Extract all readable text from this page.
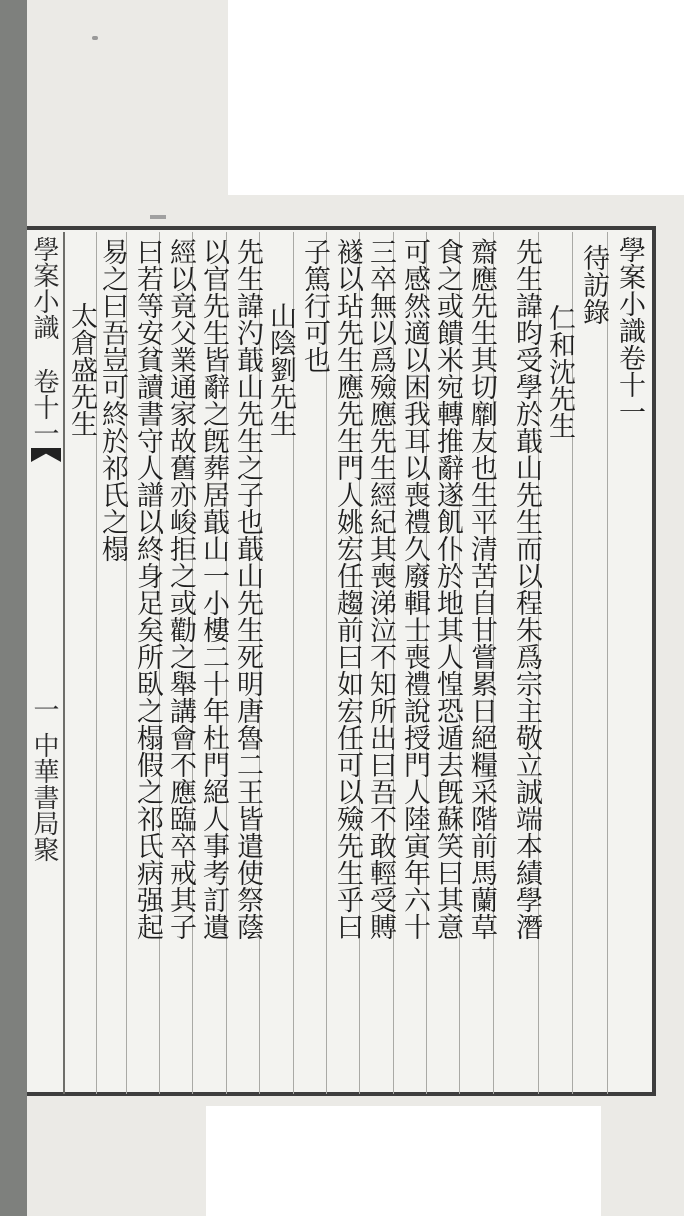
學案小識卷十一一中華書局聚
學案小識卷十一
待訪錄
仁和沈先生
先生諱昀受學於蕺山先生而以程朱爲宗主敬立誠端本績學潛
齋應先生其切劘友也生平清苦自甘嘗累日絕糧采階前馬蘭草
食之或饋米宛轉推辭遂飢仆於地其人惶恐遁去旣蘇笑曰其意
可感然適以困我耳以喪禮久廢輯士喪禮說授門人陸寅年六十
三卒無以爲殮應先生經紀其喪涕泣不知所出曰吾不敢輕受賻
襚以玷先生應先生門人姚宏任趨前曰如宏任可以殮先生乎曰
子篤行可也
山陰劉先生
先生諱汋蕺山先生之子也蕺山先生死明唐魯二王皆遣使祭蔭
以官先生皆辭之旣葬居蕺山一小樓二十年杜門絕人事考訂遺
經以竟父業通家故舊亦峻拒之或勸之舉講會不應臨卒戒其子
曰若等安貧讀書守人譜以終身足矣所臥之榻假之祁氏病强起
易之曰吾豈可終於祁氏之榻
太倉盛先生
